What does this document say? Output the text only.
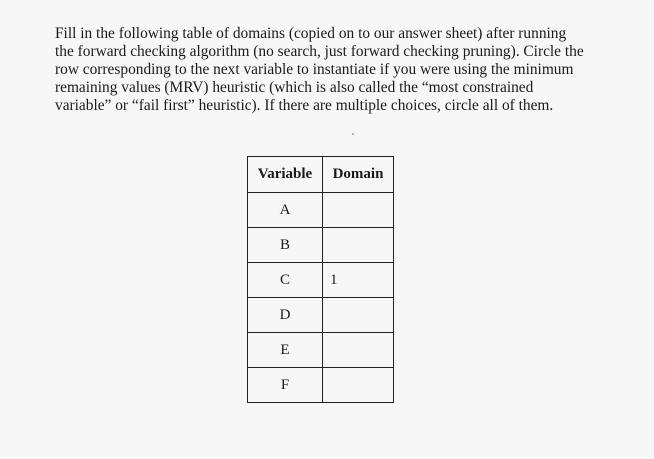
Fill in the following table of domains (copied on to our answer sheet) after running
the forward checking algorithm (no search, just forward checking pruning). Circle the
row corresponding to the next variable to instantiate if you were using the minimum
remaining values (MRV) heuristic (which is also called the “most constrained
variable” or “fail first” heuristic). If there are multiple choices, circle all of them.

Variable	Domain
A	
B	
C	1
D	
E	
F	
